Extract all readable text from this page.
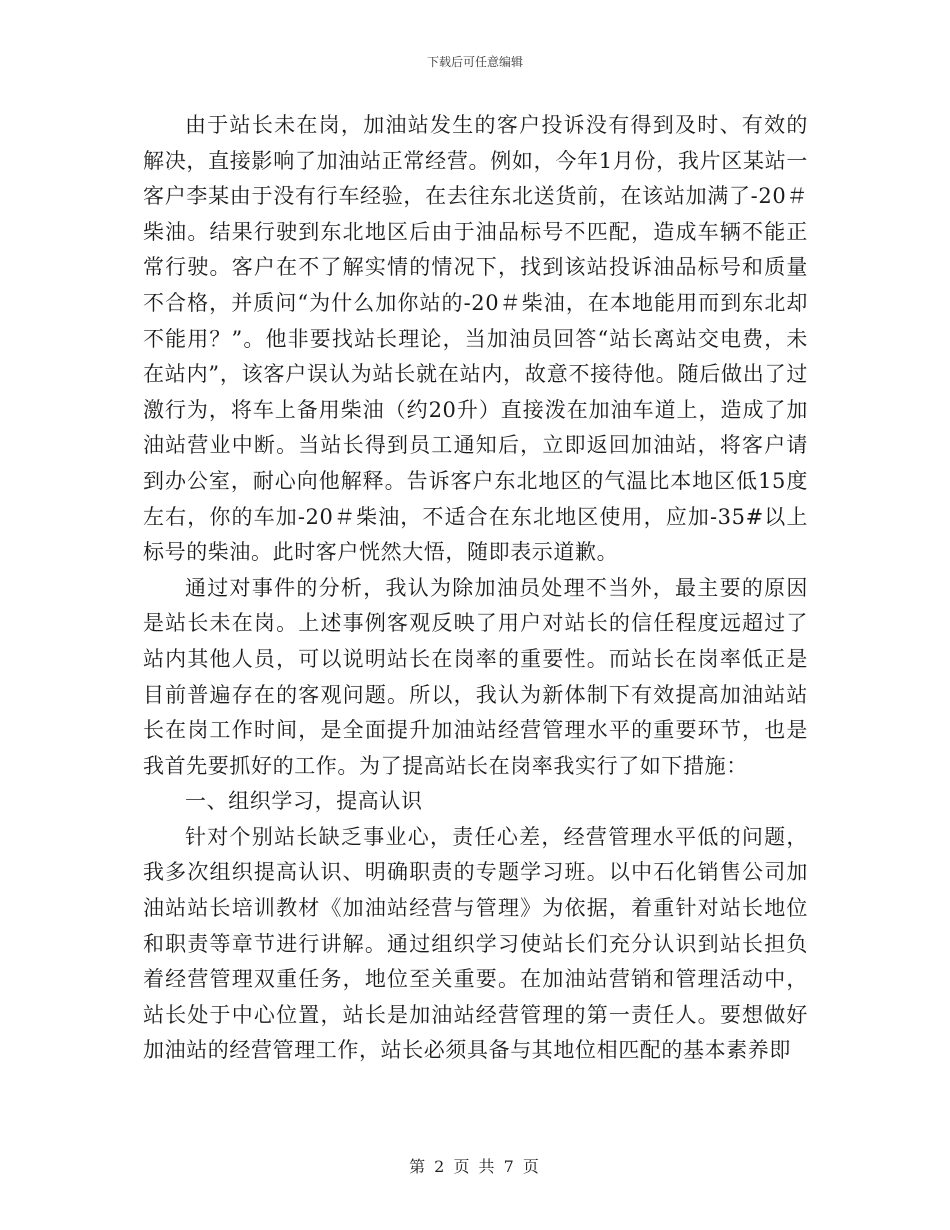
下载后可任意编辑

由于站长未在岗，加油站发生的客户投诉没有得到及时、有效的解决，直接影响了加油站正常经营。例如，今年1月份，我片区某站一客户李某由于没有行车经验，在去往东北送货前，在该站加满了-20＃柴油。结果行驶到东北地区后由于油品标号不匹配，造成车辆不能正常行驶。客户在不了解实情的情况下，找到该站投诉油品标号和质量不合格，并质问“为什么加你站的-20＃柴油，在本地能用而到东北却不能用？”。他非要找站长理论，当加油员回答“站长离站交电费，未在站内”，该客户误认为站长就在站内，故意不接待他。随后做出了过激行为，将车上备用柴油（约20升）直接泼在加油车道上，造成了加油站营业中断。当站长得到员工通知后，立即返回加油站，将客户请到办公室，耐心向他解释。告诉客户东北地区的气温比本地区低15度左右，你的车加-20＃柴油，不适合在东北地区使用，应加-35#以上标号的柴油。此时客户恍然大悟，随即表示道歉。

通过对事件的分析，我认为除加油员处理不当外，最主要的原因是站长未在岗。上述事例客观反映了用户对站长的信任程度远超过了站内其他人员，可以说明站长在岗率的重要性。而站长在岗率低正是目前普遍存在的客观问题。所以，我认为新体制下有效提高加油站站长在岗工作时间，是全面提升加油站经营管理水平的重要环节，也是我首先要抓好的工作。为了提高站长在岗率我实行了如下措施：

一、组织学习，提高认识

针对个别站长缺乏事业心，责任心差，经营管理水平低的问题，我多次组织提高认识、明确职责的专题学习班。以中石化销售公司加油站站长培训教材《加油站经营与管理》为依据，着重针对站长地位和职责等章节进行讲解。通过组织学习使站长们充分认识到站长担负着经营管理双重任务，地位至关重要。在加油站营销和管理活动中，站长处于中心位置，站长是加油站经营管理的第一责任人。要想做好加油站的经营管理工作，站长必须具备与其地位相匹配的基本素养即

第 2 页 共 7 页
